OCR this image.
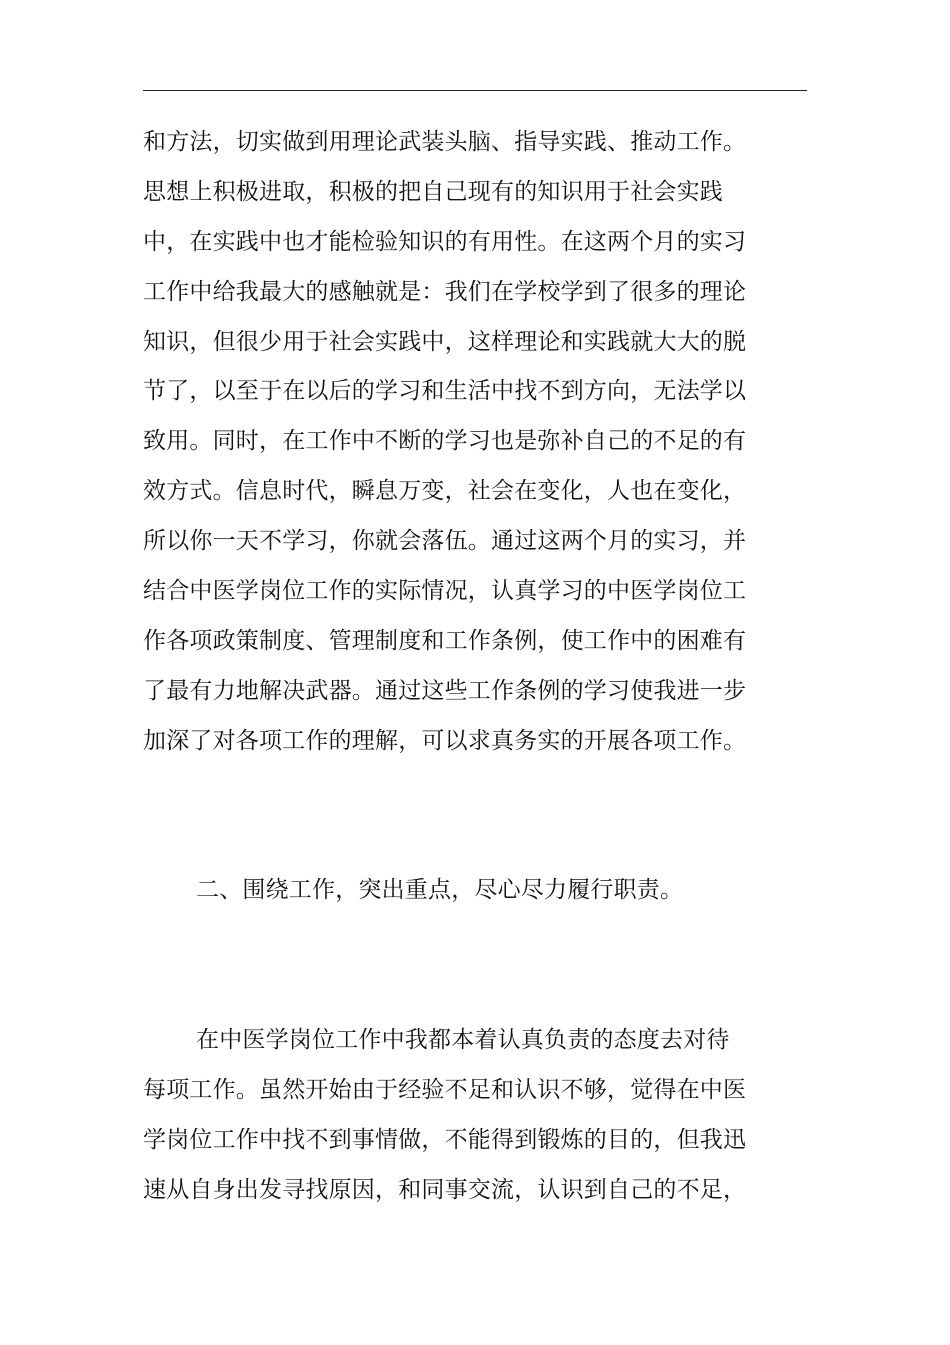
和方法，切实做到用理论武装头脑、指导实践、推动工作。
思想上积极进取，积极的把自己现有的知识用于社会实践
中，在实践中也才能检验知识的有用性。在这两个月的实习
工作中给我最大的感触就是：我们在学校学到了很多的理论
知识，但很少用于社会实践中，这样理论和实践就大大的脱
节了，以至于在以后的学习和生活中找不到方向，无法学以
致用。同时，在工作中不断的学习也是弥补自己的不足的有
效方式。信息时代，瞬息万变，社会在变化，人也在变化，
所以你一天不学习，你就会落伍。通过这两个月的实习，并
结合中医学岗位工作的实际情况，认真学习的中医学岗位工
作各项政策制度、管理制度和工作条例，使工作中的困难有
了最有力地解决武器。通过这些工作条例的学习使我进一步
加深了对各项工作的理解，可以求真务实的开展各项工作。
二、围绕工作，突出重点，尽心尽力履行职责。
在中医学岗位工作中我都本着认真负责的态度去对待
每项工作。虽然开始由于经验不足和认识不够，觉得在中医
学岗位工作中找不到事情做，不能得到锻炼的目的，但我迅
速从自身出发寻找原因，和同事交流，认识到自己的不足，
